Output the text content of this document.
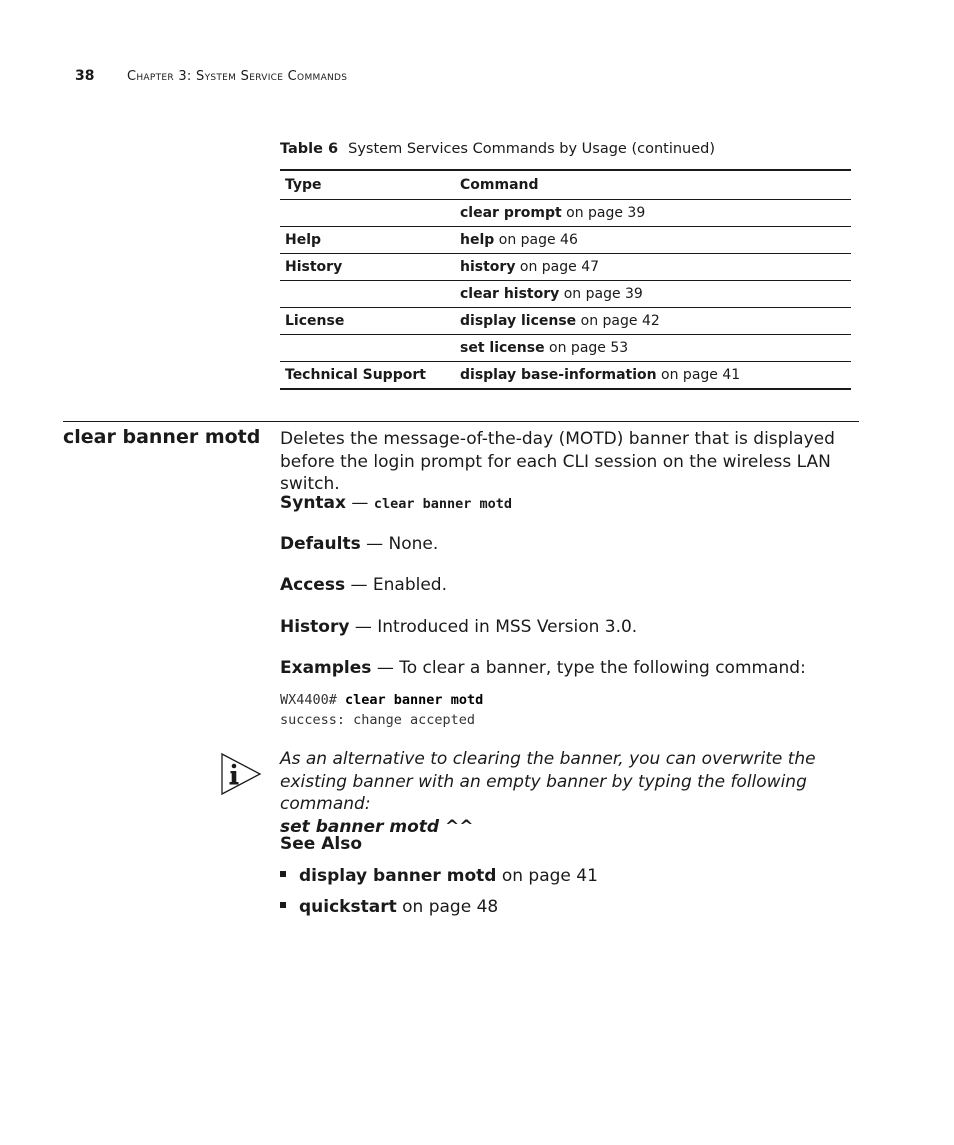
38 Chapter 3: System Service Commands
Table 6 System Services Commands by Usage (continued)
Type	Command
	clear prompt on page 39
Help	help on page 46
History	history on page 47
	clear history on page 39
License	display license on page 42
	set license on page 53
Technical Support	display base-information on page 41
clear banner motd Deletes the message-of-the-day (MOTD) banner that is displayed before the login prompt for each CLI session on the wireless LAN switch.
Syntax — clear banner motd
Defaults — None.
Access — Enabled.
History — Introduced in MSS Version 3.0.
Examples — To clear a banner, type the following command:
WX4400# clear banner motd
success: change accepted
As an alternative to clearing the banner, you can overwrite the existing banner with an empty banner by typing the following command:
set banner motd ^^
See Also
display banner motd on page 41
quickstart on page 48
